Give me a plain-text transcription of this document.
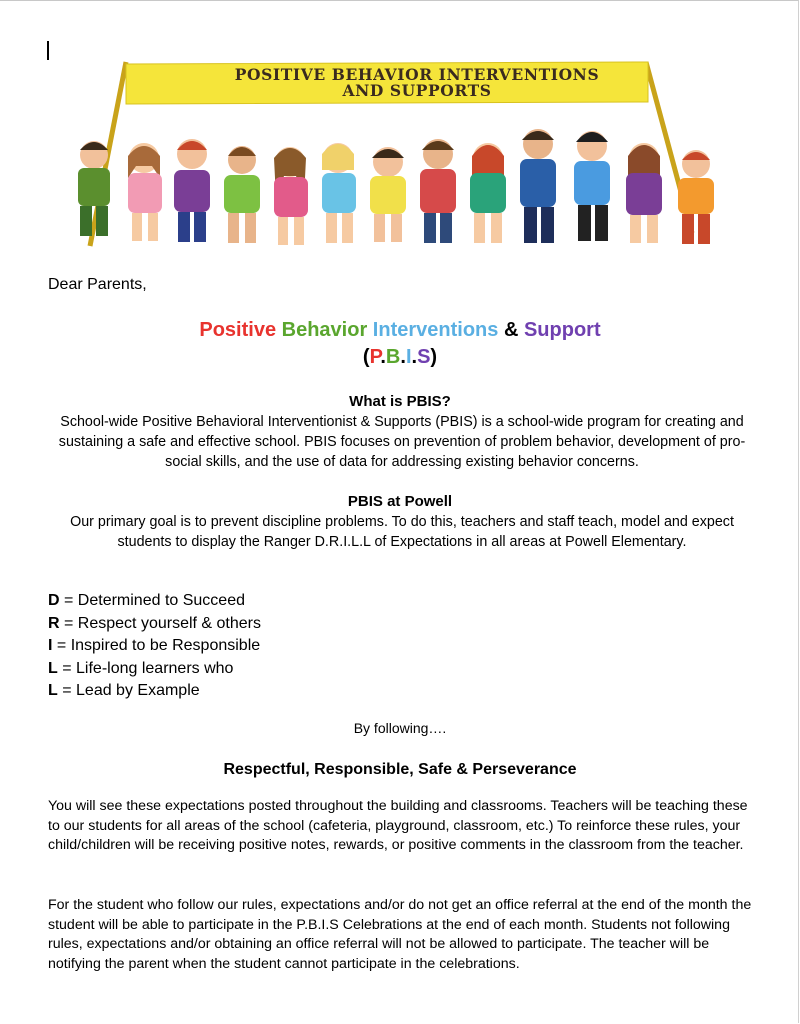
POSITIVE BEHAVIOR INTERVENTIONS
AND SUPPORTS
Dear Parents,
Positive Behavior Interventions & Support
(P.B.I.S)
What is PBIS?
School-wide Positive Behavioral Interventionist & Supports (PBIS) is a school-wide program for creating and sustaining a safe and effective school. PBIS focuses on prevention of problem behavior, development of pro-social skills, and the use of data for addressing existing behavior concerns.
PBIS at Powell
Our primary goal is to prevent discipline problems. To do this, teachers and staff teach, model and expect students to display the Ranger D.R.I.L.L of Expectations in all areas at Powell Elementary.
D = Determined to Succeed
R = Respect yourself & others
I = Inspired to be Responsible
L = Life-long learners who
L = Lead by Example
By following….
Respectful, Responsible, Safe & Perseverance
You will see these expectations posted throughout the building and classrooms. Teachers will be teaching these to our students for all areas of the school (cafeteria, playground, classroom, etc.) To reinforce these rules, your child/children will be receiving positive notes, rewards, or positive comments in the classroom from the teacher.
For the student who follow our rules, expectations and/or do not get an office referral at the end of the month the student will be able to participate in the P.B.I.S Celebrations at the end of each month. Students not following rules, expectations and/or obtaining an office referral will not be allowed to participate. The teacher will be notifying the parent when the student cannot participate in the celebrations.
